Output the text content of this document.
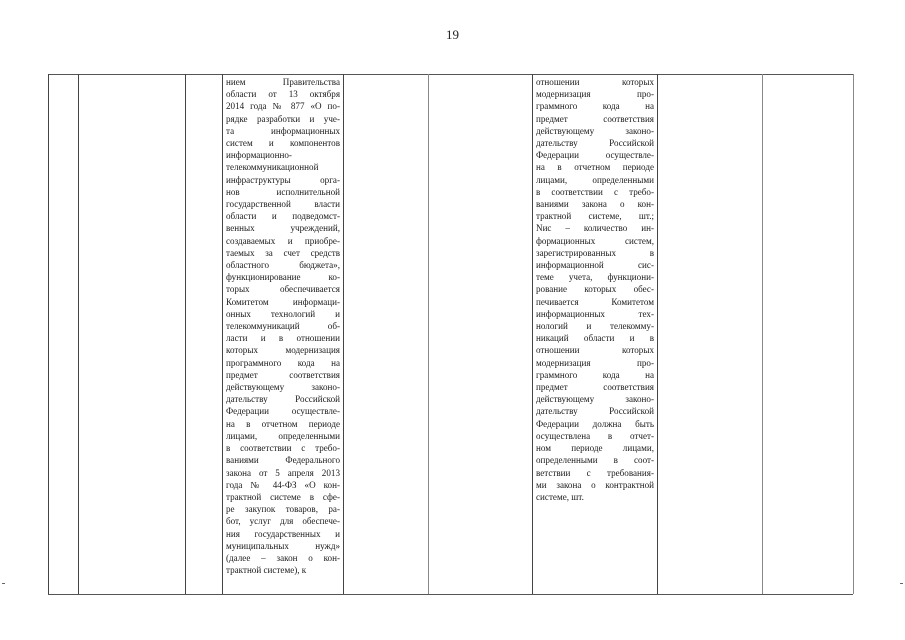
19

нием Правительства

области от 13 октября

2014 года № 877 «О по-

рядке разработки и уче-

та информационных

систем и компонентов

информационно-

телекоммуникационной

инфраструктуры орга-

нов исполнительной

государственной власти

области и подведомст-

венных учреждений,

создаваемых и приобре-

таемых за счет средств

областного бюджета»,

функционирование ко-

торых обеспечивается

Комитетом информаци-

онных технологий и

телекоммуникаций об-

ласти и в отношении

которых модернизация

программного кода на

предмет соответствия

действующему законо-

дательству Российской

Федерации осуществле-

на в отчетном периоде

лицами, определенными

в соответствии с требо-

ваниями Федерального

закона от 5 апреля 2013

года № 44-ФЗ «О кон-

трактной системе в сфе-

ре закупок товаров, ра-

бот, услуг для обеспече-

ния государственных и

муниципальных нужд»

(далее – закон о кон-

трактной системе), к

отношении которых

модернизация про-

граммного кода на

предмет соответствия

действующему законо-

дательству Российской

Федерации осуществле-

на в отчетном периоде

лицами, определенными

в соответствии с требо-

ваниями закона о кон-

трактной системе, шт.;

Nис – количество ин-

формационных систем,

зарегистрированных в

информационной сис-

теме учета, функциони-

рование которых обес-

печивается Комитетом

информационных тех-

нологий и телекомму-

никаций области и в

отношении которых

модернизация про-

граммного кода на

предмет соответствия

действующему законо-

дательству Российской

Федерации должна быть

осуществлена в отчет-

ном периоде лицами,

определенными в соот-

ветствии с требования-

ми закона о контрактной

системе, шт.
